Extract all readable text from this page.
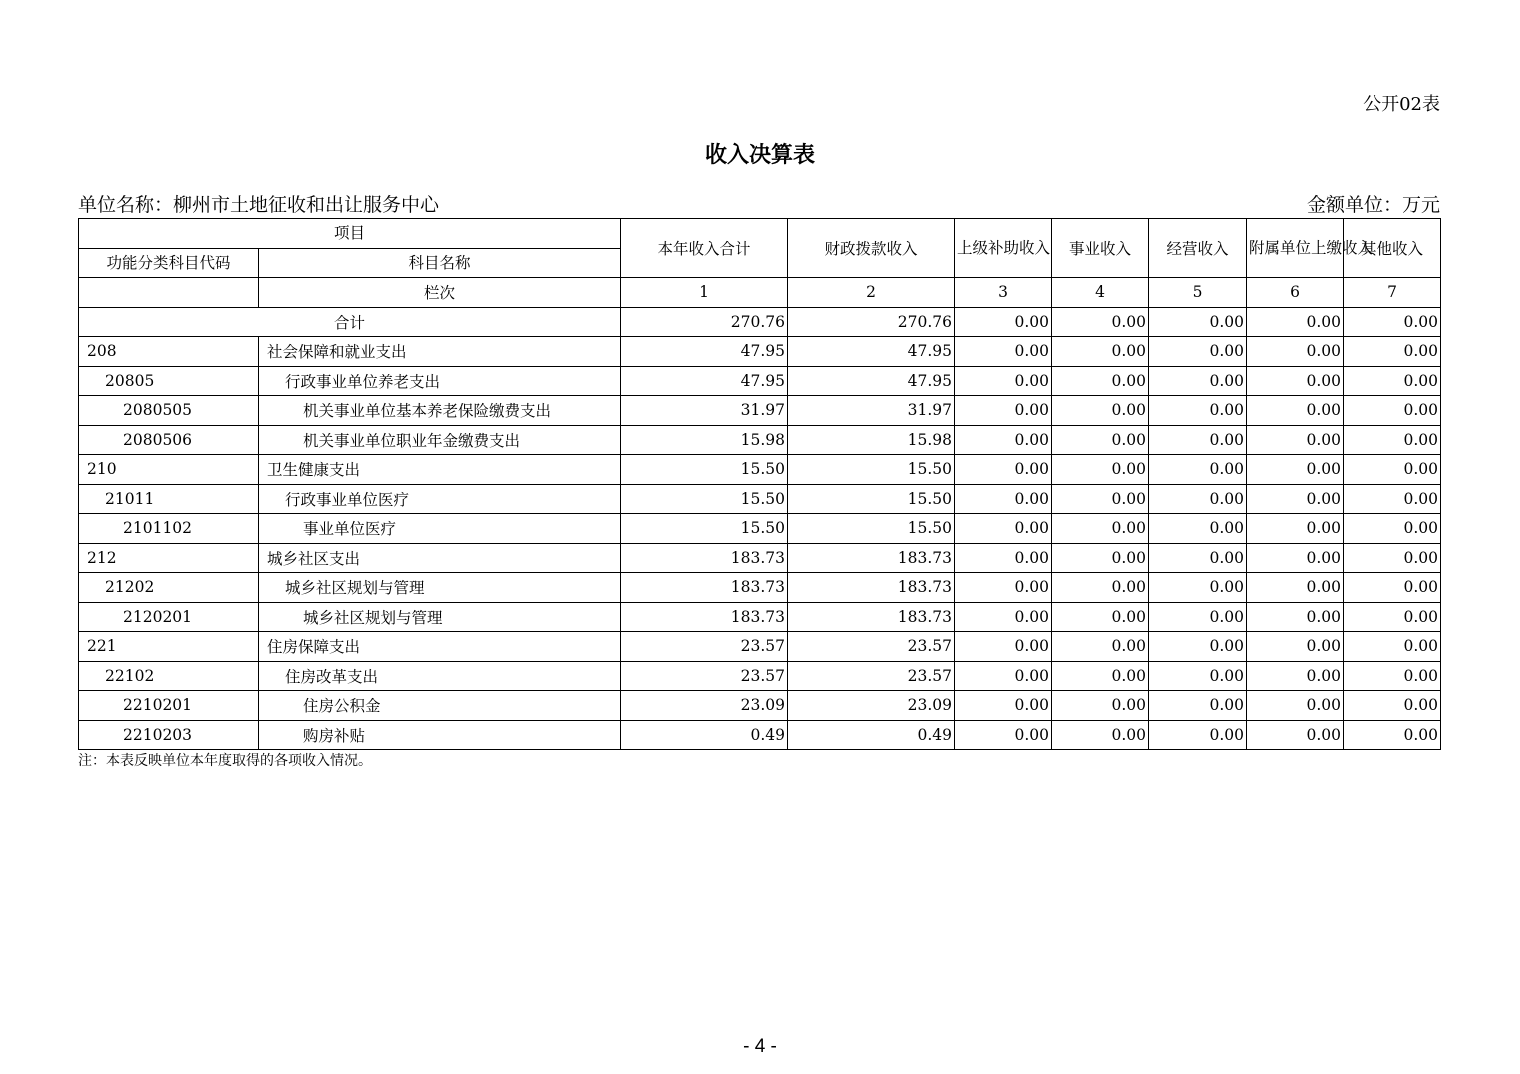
公开02表
收入决算表
单位名称：柳州市土地征收和出让服务中心	金额单位：万元
项目		本年收入合计	财政拨款收入	上级补助收入	事业收入	经营收入	附属单位上缴收入	其他收入
功能分类科目代码	科目名称							
	栏次	1	2	3	4	5	6	7
合计		270.76	270.76	0.00	0.00	0.00	0.00	0.00
208	社会保障和就业支出	47.95	47.95	0.00	0.00	0.00	0.00	0.00
20805	行政事业单位养老支出	47.95	47.95	0.00	0.00	0.00	0.00	0.00
2080505	机关事业单位基本养老保险缴费支出	31.97	31.97	0.00	0.00	0.00	0.00	0.00
2080506	机关事业单位职业年金缴费支出	15.98	15.98	0.00	0.00	0.00	0.00	0.00
210	卫生健康支出	15.50	15.50	0.00	0.00	0.00	0.00	0.00
21011	行政事业单位医疗	15.50	15.50	0.00	0.00	0.00	0.00	0.00
2101102	事业单位医疗	15.50	15.50	0.00	0.00	0.00	0.00	0.00
212	城乡社区支出	183.73	183.73	0.00	0.00	0.00	0.00	0.00
21202	城乡社区规划与管理	183.73	183.73	0.00	0.00	0.00	0.00	0.00
2120201	城乡社区规划与管理	183.73	183.73	0.00	0.00	0.00	0.00	0.00
221	住房保障支出	23.57	23.57	0.00	0.00	0.00	0.00	0.00
22102	住房改革支出	23.57	23.57	0.00	0.00	0.00	0.00	0.00
2210201	住房公积金	23.09	23.09	0.00	0.00	0.00	0.00	0.00
2210203	购房补贴	0.49	0.49	0.00	0.00	0.00	0.00	0.00
注：本表反映单位本年度取得的各项收入情况。
- 4 -
